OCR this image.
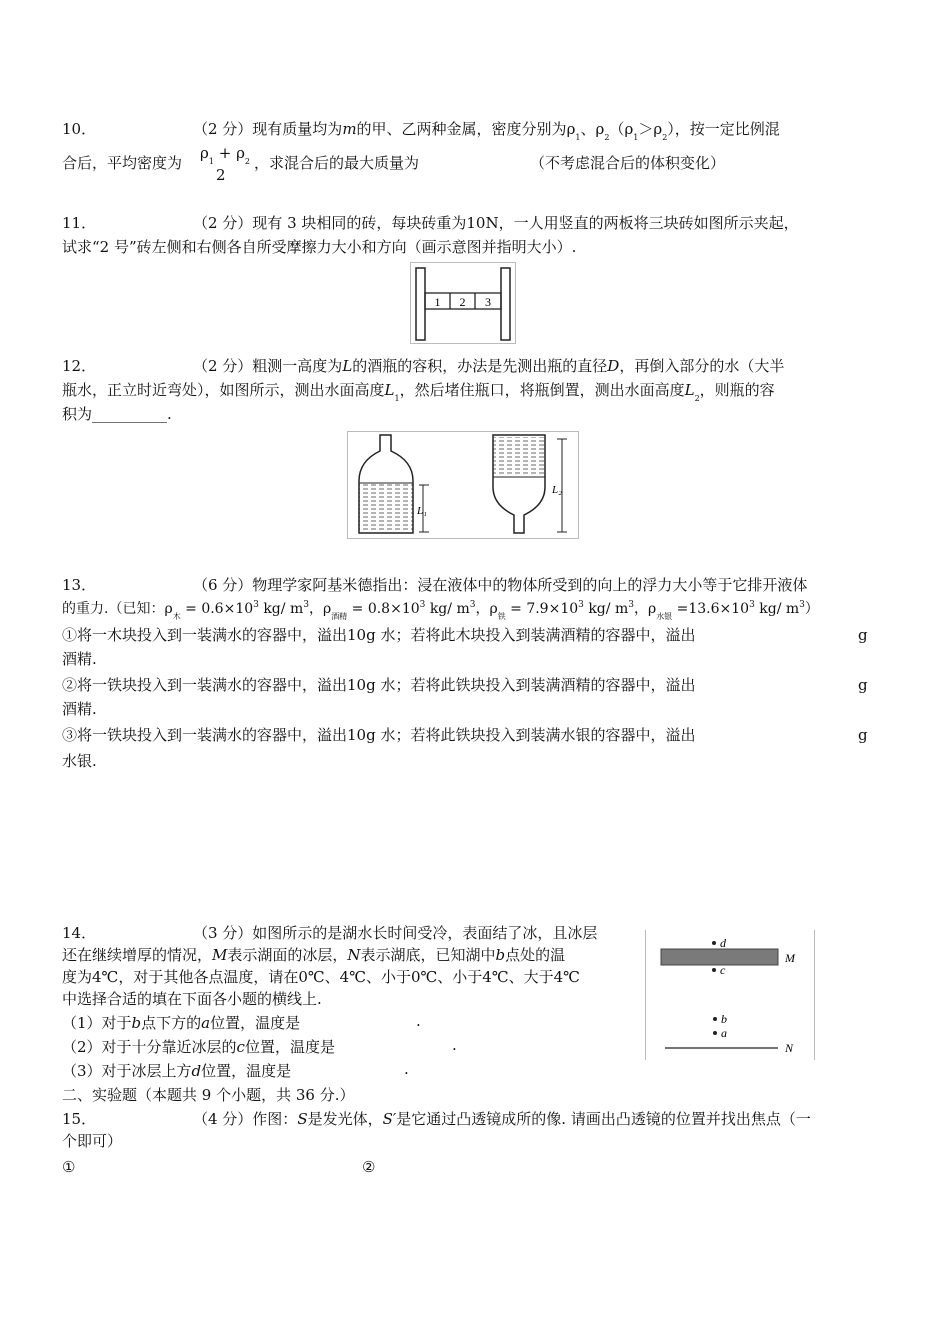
10．	（2 分）现有质量均为m的甲、乙两种金属，密度分别为$\rho_1$、$\rho_2(\rho_1>\rho_2)$，按一定比例混
合后，平均密度为
$\rho_1 + \rho_2$
2
，求混合后的最大质量为	（不考虑混合后的体积变化）
11．	（2 分）现有 3 块相同的砖，每块砖重为10N，一人用竖直的两板将三块砖如图所示夹起，
试求“2 号”砖左侧和右侧各自所受摩擦力大小和方向（画示意图并指明大小）.
1 2 3
12．	（2 分）粗测一高度为L的酒瓶的容积，办法是先测出瓶的直径D，再倒入部分的水（大半
瓶水，正立时近弯处），如图所示，测出水面高度$L_1$，然后堵住瓶口，将瓶倒置，测出水面高度$L_2$，则瓶的容
积为__________.
L₁
L₂
13．	（6 分）物理学家阿基米德指出：浸在液体中的物体所受到的向上的浮力大小等于它排开液体
的重力.（已知：$\rho_木 = 0.6\times 10^3$ kg/ $m^3$，$\rho_{酒精} = 0.8\times 10^3$ kg/ $m^3$，$\rho_铁 = 7.9\times 10^3$ kg/ $m^3$，$\rho_{水银} =13.6\times 10^3$ kg/ $m^3$）
①将一木块投入到一装满水的容器中，溢出10g 水；若将此木块投入到装满酒精的容器中，溢出	g
酒精.
②将一铁块投入到一装满水的容器中，溢出10g 水；若将此铁块投入到装满酒精的容器中，溢出	g
酒精.
③将一铁块投入到一装满水的容器中，溢出10g 水；若将此铁块投入到装满水银的容器中，溢出	g
水银.
14．	（3 分）如图所示的是湖水长时间受冷，表面结了冰，且冰层
还在继续增厚的情况，M表示湖面的冰层，N表示湖底，已知湖中b点处的温
度为4℃，对于其他各点温度，请在0℃、4℃、小于0℃、小于4℃、大于4℃
中选择合适的填在下面各小题的横线上.
（1）对于b点下方的a位置，温度是	.
（2）对于十分靠近冰层的c位置，温度是	.
（3）对于冰层上方d位置，温度是	.
d
c
M
b
a
N
二、实验题（本题共 9 个小题，共 36 分.）
15．	（4 分）作图：S是发光体，S′是它通过凸透镜成所的像. 请画出凸透镜的位置并找出焦点（一
个即可）
①	②
